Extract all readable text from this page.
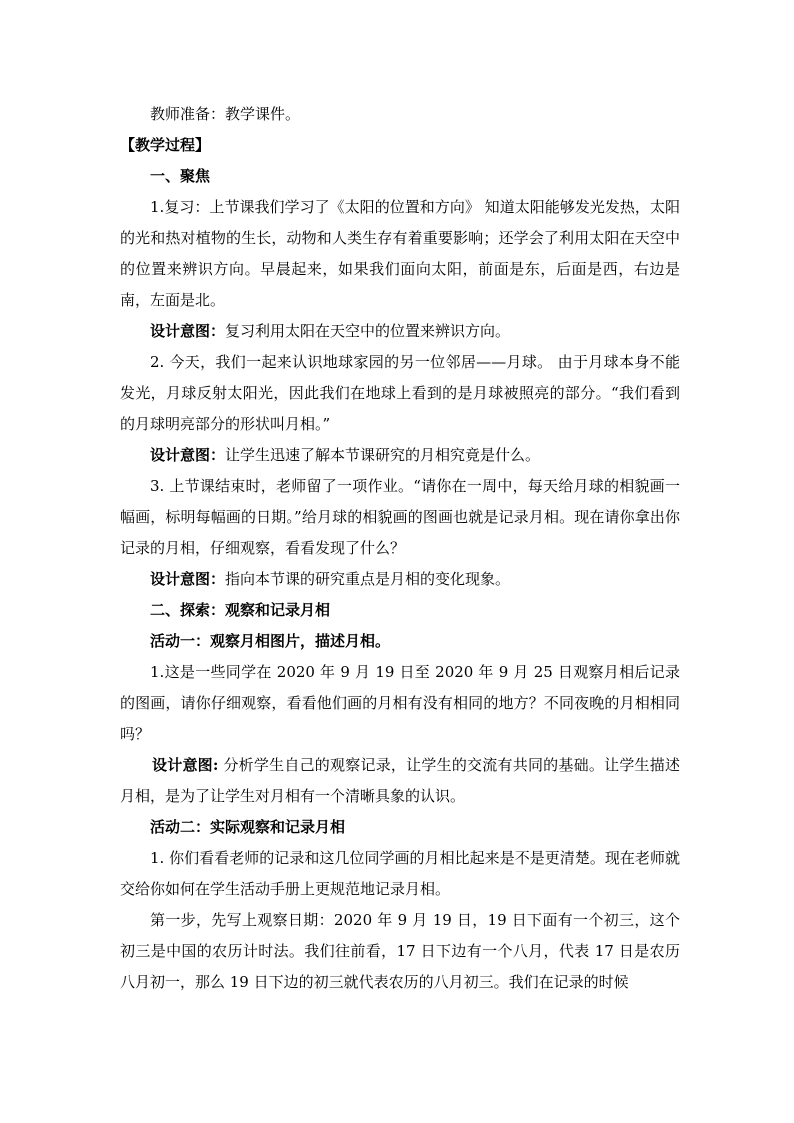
教师准备：教学课件。

【教学过程】

一、聚焦

1.复习：上节课我们学习了《太阳的位置和方向》 知道太阳能够发光发热，太阳的光和热对植物的生长，动物和人类生存有着重要影响；还学会了利用太阳在天空中的位置来辨识方向。早晨起来，如果我们面向太阳，前面是东，后面是西，右边是南，左面是北。

设计意图：复习利用太阳在天空中的位置来辨识方向。

2. 今天，我们一起来认识地球家园的另一位邻居——月球。 由于月球本身不能发光，月球反射太阳光，因此我们在地球上看到的是月球被照亮的部分。“我们看到的月球明亮部分的形状叫月相。”

设计意图：让学生迅速了解本节课研究的月相究竟是什么。

3. 上节课结束时，老师留了一项作业。“请你在一周中，每天给月球的相貌画一幅画，标明每幅画的日期。”给月球的相貌画的图画也就是记录月相。现在请你拿出你记录的月相，仔细观察，看看发现了什么？

设计意图：指向本节课的研究重点是月相的变化现象。

二、探索：观察和记录月相

活动一：观察月相图片，描述月相。

1.这是一些同学在 2020 年 9 月 19 日至 2020 年 9 月 25 日观察月相后记录的图画，请你仔细观察，看看他们画的月相有没有相同的地方？不同夜晚的月相相同吗？

设计意图: 分析学生自己的观察记录，让学生的交流有共同的基础。让学生描述月相，是为了让学生对月相有一个清晰具象的认识。

活动二：实际观察和记录月相

1. 你们看看老师的记录和这几位同学画的月相比起来是不是更清楚。现在老师就交给你如何在学生活动手册上更规范地记录月相。

第一步，先写上观察日期：2020 年 9 月 19 日，19 日下面有一个初三，这个初三是中国的农历计时法。我们往前看，17 日下边有一个八月，代表 17 日是农历八月初一，那么 19 日下边的初三就代表农历的八月初三。我们在记录的时候
